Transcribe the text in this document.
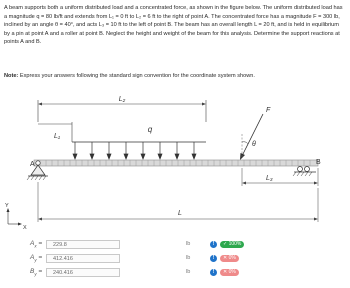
A beam supports both a uniform distributed load and a concentrated force, as shown in the figure below. The uniform distributed load has a magnitude q = 80 lb/ft and extends from L₁ = 0 ft to L₂ = 6 ft to the right of point A. The concentrated force has a magnitude F = 300 lb, inclined by an angle θ = 40°, and acts L₃ = 10 ft to the left of point B. The beam has an overall length L = 20 ft, and is held in equilibrium by a pin at point A and a roller at point B. Neglect the height and weight of the beam for this analysis. Determine the support reactions at points A and B.

Note: Express your answers following the standard sign convention for the coordinate system shown.
L₂
L₁
q
A	B
F
θ
L₃
L
Y
X
$A_x$ =	229.8	lb	!	✓ 100%
$A_y$ =	412.416	lb	!	✕ 0%
$B_y$ =	240.416	lb	!	✕ 0%
